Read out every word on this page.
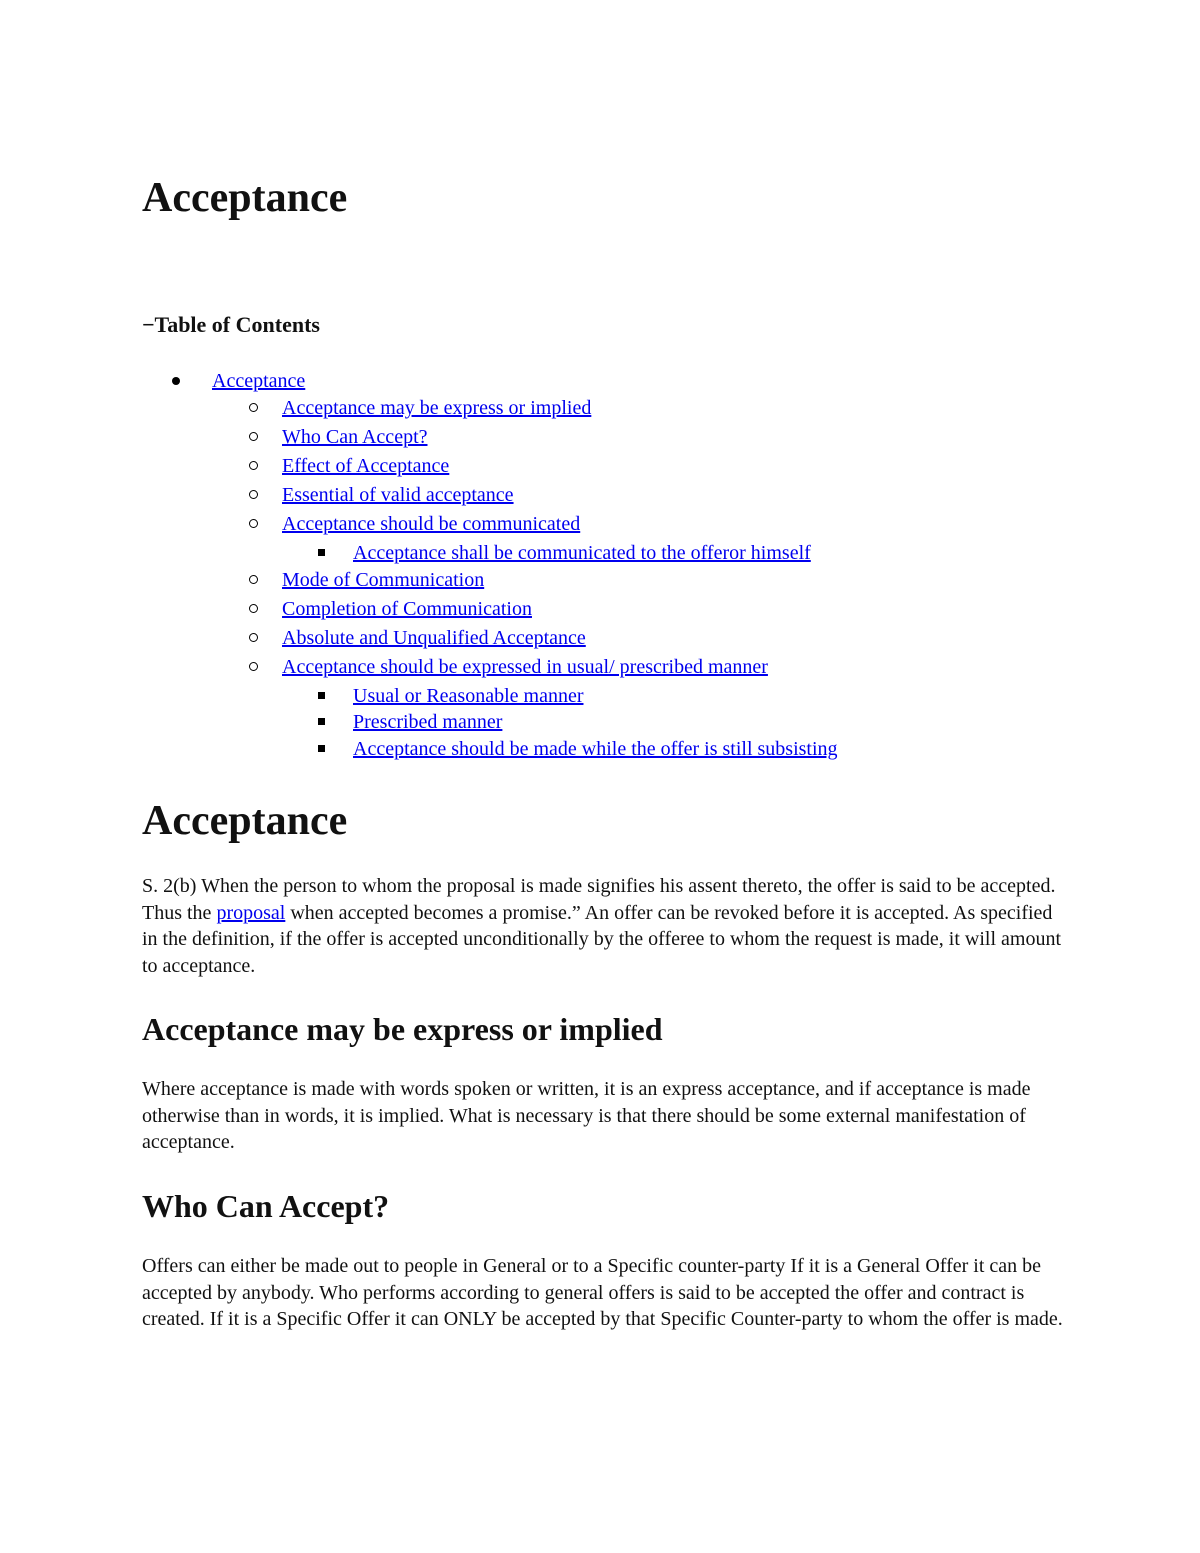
Acceptance
−Table of Contents
Acceptance
Acceptance may be express or implied
Who Can Accept?
Effect of Acceptance
Essential of valid acceptance
Acceptance should be communicated
Acceptance shall be communicated to the offeror himself
Mode of Communication
Completion of Communication
Absolute and Unqualified Acceptance
Acceptance should be expressed in usual/ prescribed manner
Usual or Reasonable manner
Prescribed manner
Acceptance should be made while the offer is still subsisting
Acceptance

S. 2(b) When the person to whom the proposal is made signifies his assent thereto, the offer is said to be accepted. Thus the proposal when accepted becomes a promise.” An offer can be revoked before it is accepted. As specified in the definition, if the offer is accepted unconditionally by the offeree to whom the request is made, it will amount to acceptance.

Acceptance may be express or implied

Where acceptance is made with words spoken or written, it is an express acceptance, and if acceptance is made otherwise than in words, it is implied. What is necessary is that there should be some external manifestation of acceptance.

Who Can Accept?

Offers can either be made out to people in General or to a Specific counter-party If it is a General Offer it can be accepted by anybody. Who performs according to general offers is said to be accepted the offer and contract is created. If it is a Specific Offer it can ONLY be accepted by that Specific Counter-party to whom the offer is made.
